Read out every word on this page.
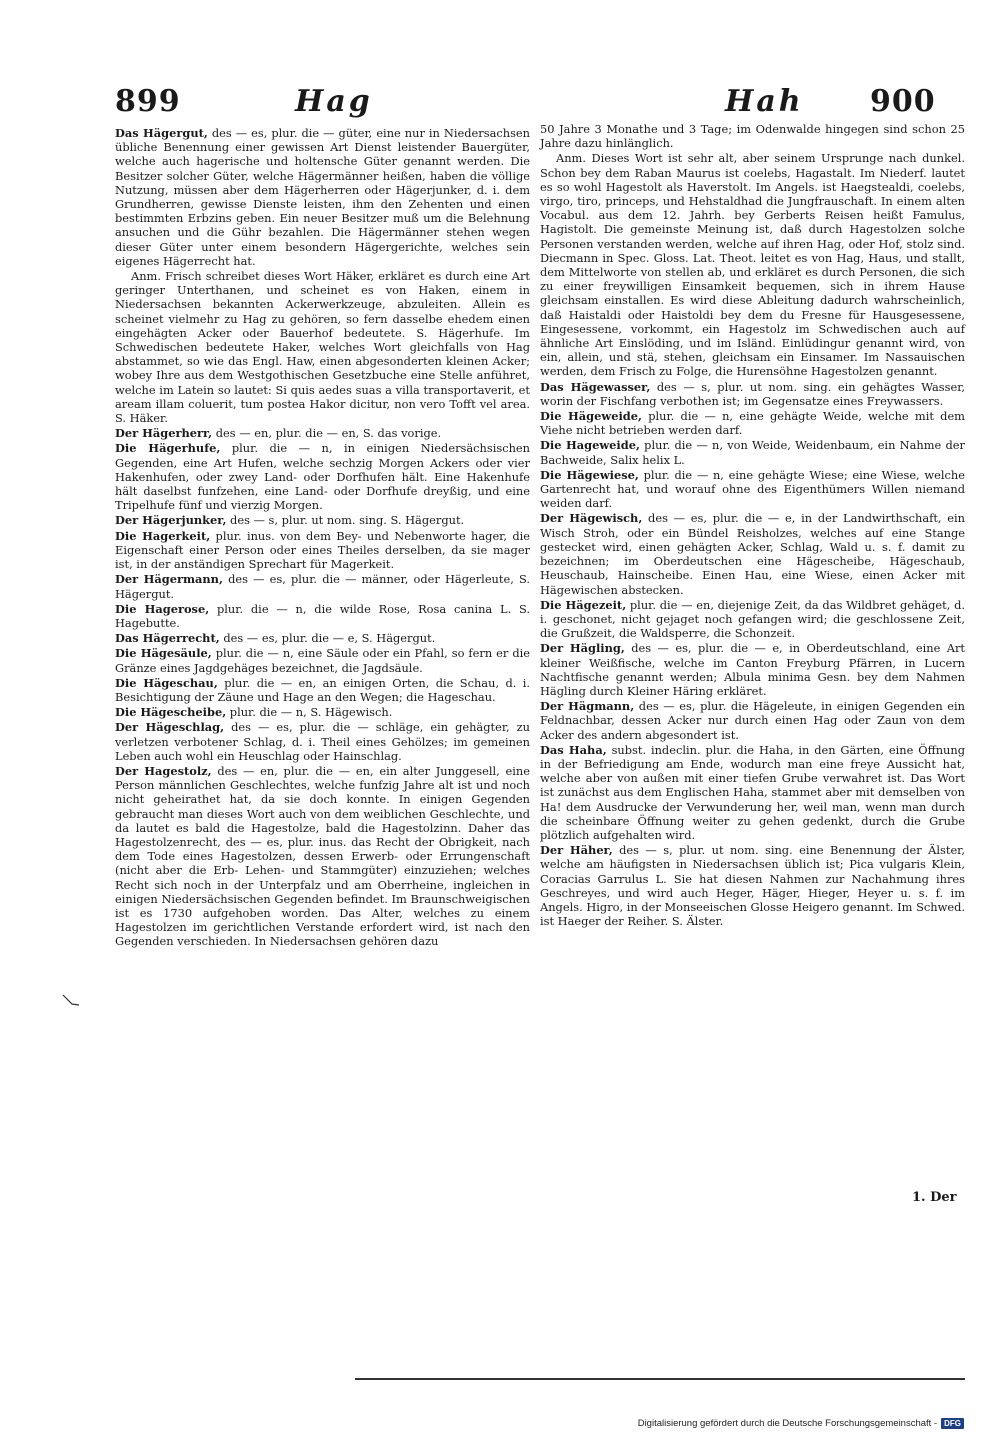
899	Hag	Hah 900

Das Hägergut, des — es, plur. die — güter, eine nur in Niedersachsen übliche Benennung einer gewissen Art Dienst leistender Bauergüter, welche auch hagerische und holtensche Güter genannt werden. Die Besitzer solcher Güter, welche Hägermänner heißen, haben die völlige Nutzung, müssen aber dem Hägerherren oder Hägerjunker, d. i. dem Grundherren, gewisse Dienste leisten, ihm den Zehenten und einen bestimmten Erbzins geben. Ein neuer Besitzer muß um die Belehnung ansuchen und die Gühr bezahlen. Die Hägermänner stehen wegen dieser Güter unter einem besondern Hägergerichte, welches sein eigenes Hägerrecht hat.

Anm. Frisch schreibet dieses Wort Häker, erkläret es durch eine Art geringer Unterthanen, und scheinet es von Haken, einem in Niedersachsen bekannten Ackerwerkzeuge, abzuleiten. Allein es scheinet vielmehr zu Hag zu gehören, so fern dasselbe ehedem einen eingehägten Acker oder Bauerhof bedeutete. S. Hägerhufe. Im Schwedischen bedeutete Haker, welches Wort gleichfalls von Hag abstammet, so wie das Engl. Haw, einen abgesonderten kleinen Acker; wobey Ihre aus dem Westgothischen Gesetzbuche eine Stelle anführet, welche im Latein so lautet: Si quis aedes suas a villa transportaverit, et aream illam coluerit, tum postea Hakor dicitur, non vero Tofft vel area. S. Häker.

Der Hägerherr, des — en, plur. die — en, S. das vorige.

Die Hägerhufe, plur. die — n, in einigen Niedersächsischen Gegenden, eine Art Hufen, welche sechzig Morgen Ackers oder vier Hakenhufen, oder zwey Land- oder Dorfhufen hält. Eine Hakenhufe hält daselbst funfzehen, eine Land- oder Dorfhufe dreyßig, und eine Tripelhufe fünf und vierzig Morgen.

Der Hägerjunker, des — s, plur. ut nom. sing. S. Hägergut.

Die Hagerkeit, plur. inus. von dem Bey- und Nebenworte hager, die Eigenschaft einer Person oder eines Theiles derselben, da sie mager ist, in der anständigen Sprechart für Magerkeit.

Der Hägermann, des — es, plur. die — männer, oder Hägerleute, S. Hägergut.

Die Hagerose, plur. die — n, die wilde Rose, Rosa canina L. S. Hagebutte.

Das Hägerrecht, des — es, plur. die — e, S. Hägergut.

Die Hägesäule, plur. die — n, eine Säule oder ein Pfahl, so fern er die Gränze eines Jagdgehäges bezeichnet, die Jagdsäule.

Die Hägeschau, plur. die — en, an einigen Orten, die Schau, d. i. Besichtigung der Zäune und Hage an den Wegen; die Hageschau.

Die Hägescheibe, plur. die — n, S. Hägewisch.

Der Hägeschlag, des — es, plur. die — schläge, ein gehägter, zu verletzen verbotener Schlag, d. i. Theil eines Gehölzes; im gemeinen Leben auch wohl ein Heuschlag oder Hainschlag.

Der Hagestolz, des — en, plur. die — en, ein alter Junggesell, eine Person männlichen Geschlechtes, welche funfzig Jahre alt ist und noch nicht geheirathet hat, da sie doch konnte. In einigen Gegenden gebraucht man dieses Wort auch von dem weiblichen Geschlechte, und da lautet es bald die Hagestolze, bald die Hagestolzinn. Daher das Hagestolzenrecht, des — es, plur. inus. das Recht der Obrigkeit, nach dem Tode eines Hagestolzen, dessen Erwerb- oder Errungenschaft (nicht aber die Erb- Lehen- und Stammgüter) einzuziehen; welches Recht sich noch in der Unterpfalz und am Oberrheine, ingleichen in einigen Niedersächsischen Gegenden befindet. Im Braunschweigischen ist es 1730 aufgehoben worden. Das Alter, welches zu einem Hagestolzen im gerichtlichen Verstande erfordert wird, ist nach den Gegenden verschieden. In Niedersachsen gehören dazu

50 Jahre 3 Monathe und 3 Tage; im Odenwalde hingegen sind schon 25 Jahre dazu hinlänglich.

Anm. Dieses Wort ist sehr alt, aber seinem Ursprunge nach dunkel. Schon bey dem Raban Maurus ist coelebs, Hagastalt. Im Niederf. lautet es so wohl Hagestolt als Haverstolt. Im Angels. ist Haegstealdi, coelebs, virgo, tiro, princeps, und Hehstaldhad die Jungfrauschaft. In einem alten Vocabul. aus dem 12. Jahrh. bey Gerberts Reisen heißt Famulus, Hagistolt. Die gemeinste Meinung ist, daß durch Hagestolzen solche Personen verstanden werden, welche auf ihren Hag, oder Hof, stolz sind. Diecmann in Spec. Gloss. Lat. Theot. leitet es von Hag, Haus, und stallt, dem Mittelworte von stellen ab, und erkläret es durch Personen, die sich zu einer freywilligen Einsamkeit bequemen, sich in ihrem Hause gleichsam einstallen. Es wird diese Ableitung dadurch wahrscheinlich, daß Haistaldi oder Haistoldi bey dem du Fresne für Hausgesessene, Eingesessene, vorkommt, ein Hagestolz im Schwedischen auch auf ähnliche Art Einslöding, und im Isländ. Einlüdingur genannt wird, von ein, allein, und stä, stehen, gleichsam ein Einsamer. Im Nassauischen werden, dem Frisch zu Folge, die Hurensöhne Hagestolzen genannt.

Das Hägewasser, des — s, plur. ut nom. sing. ein gehägtes Wasser, worin der Fischfang verbothen ist; im Gegensatze eines Freywassers.

Die Hägeweide, plur. die — n, eine gehägte Weide, welche mit dem Viehe nicht betrieben werden darf.

Die Hageweide, plur. die — n, von Weide, Weidenbaum, ein Nahme der Bachweide, Salix helix L.

Die Hägewiese, plur. die — n, eine gehägte Wiese; eine Wiese, welche Gartenrecht hat, und worauf ohne des Eigenthümers Willen niemand weiden darf.

Der Hägewisch, des — es, plur. die — e, in der Landwirthschaft, ein Wisch Stroh, oder ein Bündel Reisholzes, welches auf eine Stange gestecket wird, einen gehägten Acker, Schlag, Wald u. s. f. damit zu bezeichnen; im Oberdeutschen eine Hägescheibe, Hägeschaub, Heuschaub, Hainscheibe. Einen Hau, eine Wiese, einen Acker mit Hägewischen abstecken.

Die Hägezeit, plur. die — en, diejenige Zeit, da das Wildbret gehäget, d. i. geschonet, nicht gejaget noch gefangen wird; die geschlossene Zeit, die Grußzeit, die Waldsperre, die Schonzeit.

Der Hägling, des — es, plur. die — e, in Oberdeutschland, eine Art kleiner Weißfische, welche im Canton Freyburg Pfärren, in Lucern Nachtfische genannt werden; Albula minima Gesn. bey dem Nahmen Hägling durch Kleiner Häring erkläret.

Der Hägmann, des — es, plur. die Hägeleute, in einigen Gegenden ein Feldnachbar, dessen Acker nur durch einen Hag oder Zaun von dem Acker des andern abgesondert ist.

Das Haha, subst. indeclin. plur. die Haha, in den Gärten, eine Öffnung in der Befriedigung am Ende, wodurch man eine freye Aussicht hat, welche aber von außen mit einer tiefen Grube verwahret ist. Das Wort ist zunächst aus dem Englischen Haha, stammet aber mit demselben von Ha! dem Ausdrucke der Verwunderung her, weil man, wenn man durch die scheinbare Öffnung weiter zu gehen gedenkt, durch die Grube plötzlich aufgehalten wird.

Der Häher, des — s, plur. ut nom. sing. eine Benennung der Älster, welche am häufigsten in Niedersachsen üblich ist; Pica vulgaris Klein, Coracias Garrulus L. Sie hat diesen Nahmen zur Nachahmung ihres Geschreyes, und wird auch Heger, Häger, Hieger, Heyer u. s. f. im Angels. Higro, in der Monseeischen Glosse Heigero genannt. Im Schwed. ist Haeger der Reiher. S. Älster.

1. Der
Digitalisierung gefördert durch die Deutsche Forschungsgemeinschaft - DFG
